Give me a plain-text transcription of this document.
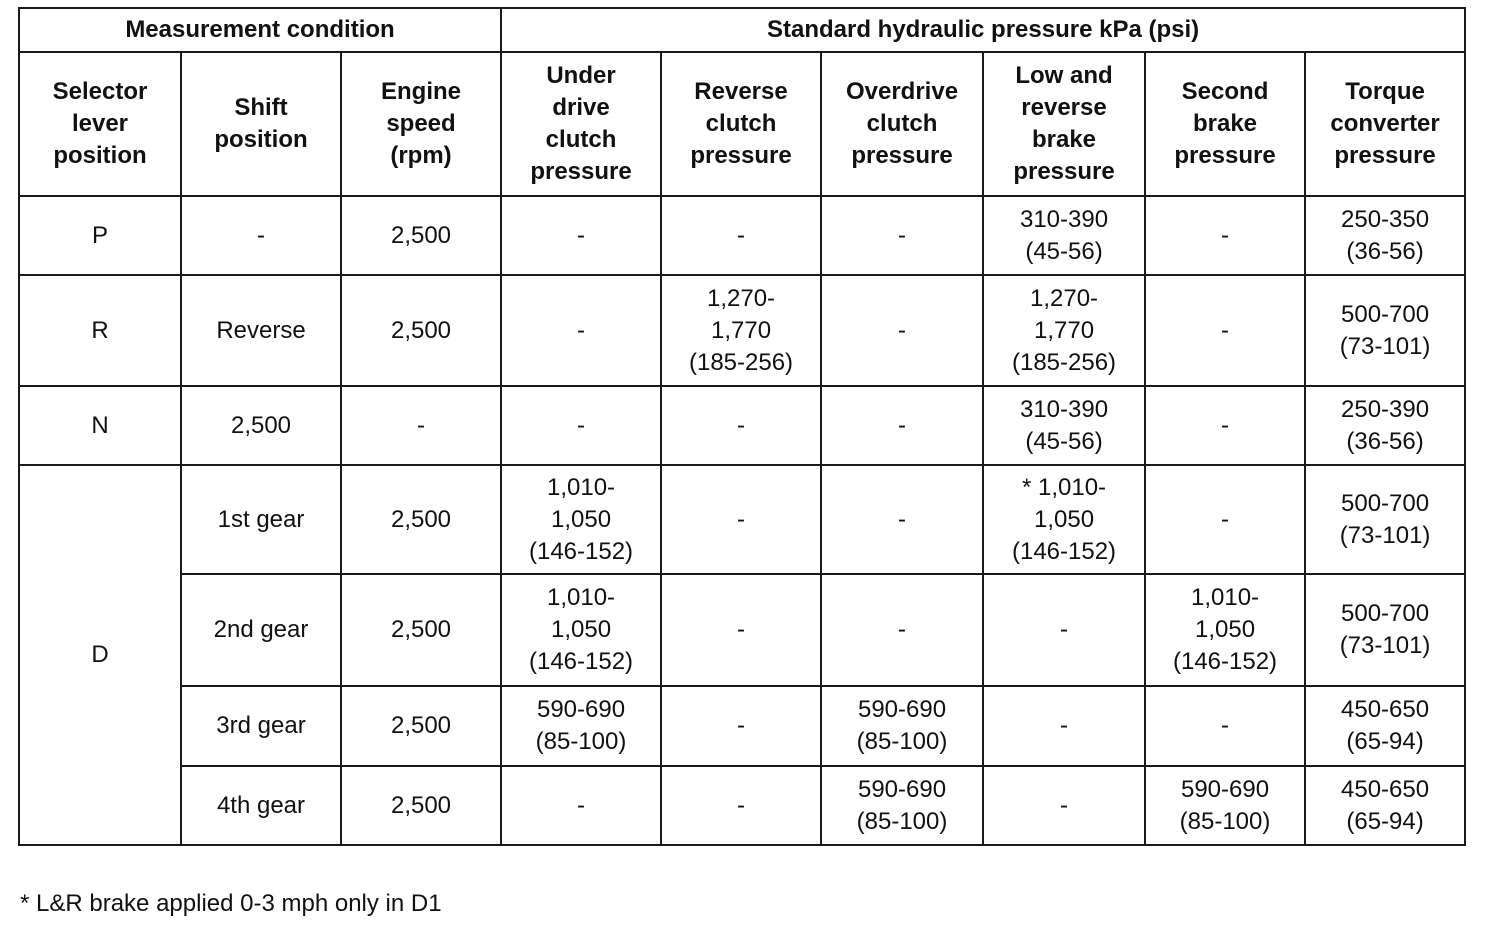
Measurement condition			Standard hydraulic pressure kPa (psi)					

Selector
lever
position	Shift
position	Engine
speed
(rpm)	Under
drive
clutch
pressure	Reverse
clutch
pressure	Overdrive
clutch
pressure	Low and
reverse
brake
pressure	Second
brake
pressure	Torque
converter
pressure

P	-	2,500	-	-	-	310-390
(45-56)	-	250-350
(36-56)

R	Reverse	2,500	-	1,270-
1,770
(185-256)	-	1,270-
1,770
(185-256)	-	500-700
(73-101)

N	2,500	-	-	-	-	310-390
(45-56)	-	250-390
(36-56)

D	1st gear	2,500	1,010-
1,050
(146-152)	-	-	* 1,010-
1,050
(146-152)	-	500-700
(73-101)

	2nd gear	2,500	1,010-
1,050
(146-152)	-	-	-	1,010-
1,050
(146-152)	500-700
(73-101)

	3rd gear	2,500	590-690
(85-100)	-	590-690
(85-100)	-	-	450-650
(65-94)

	4th gear	2,500	-	-	590-690
(85-100)	-	590-690
(85-100)	450-650
(65-94)
* L&R brake applied 0-3 mph only in D1
